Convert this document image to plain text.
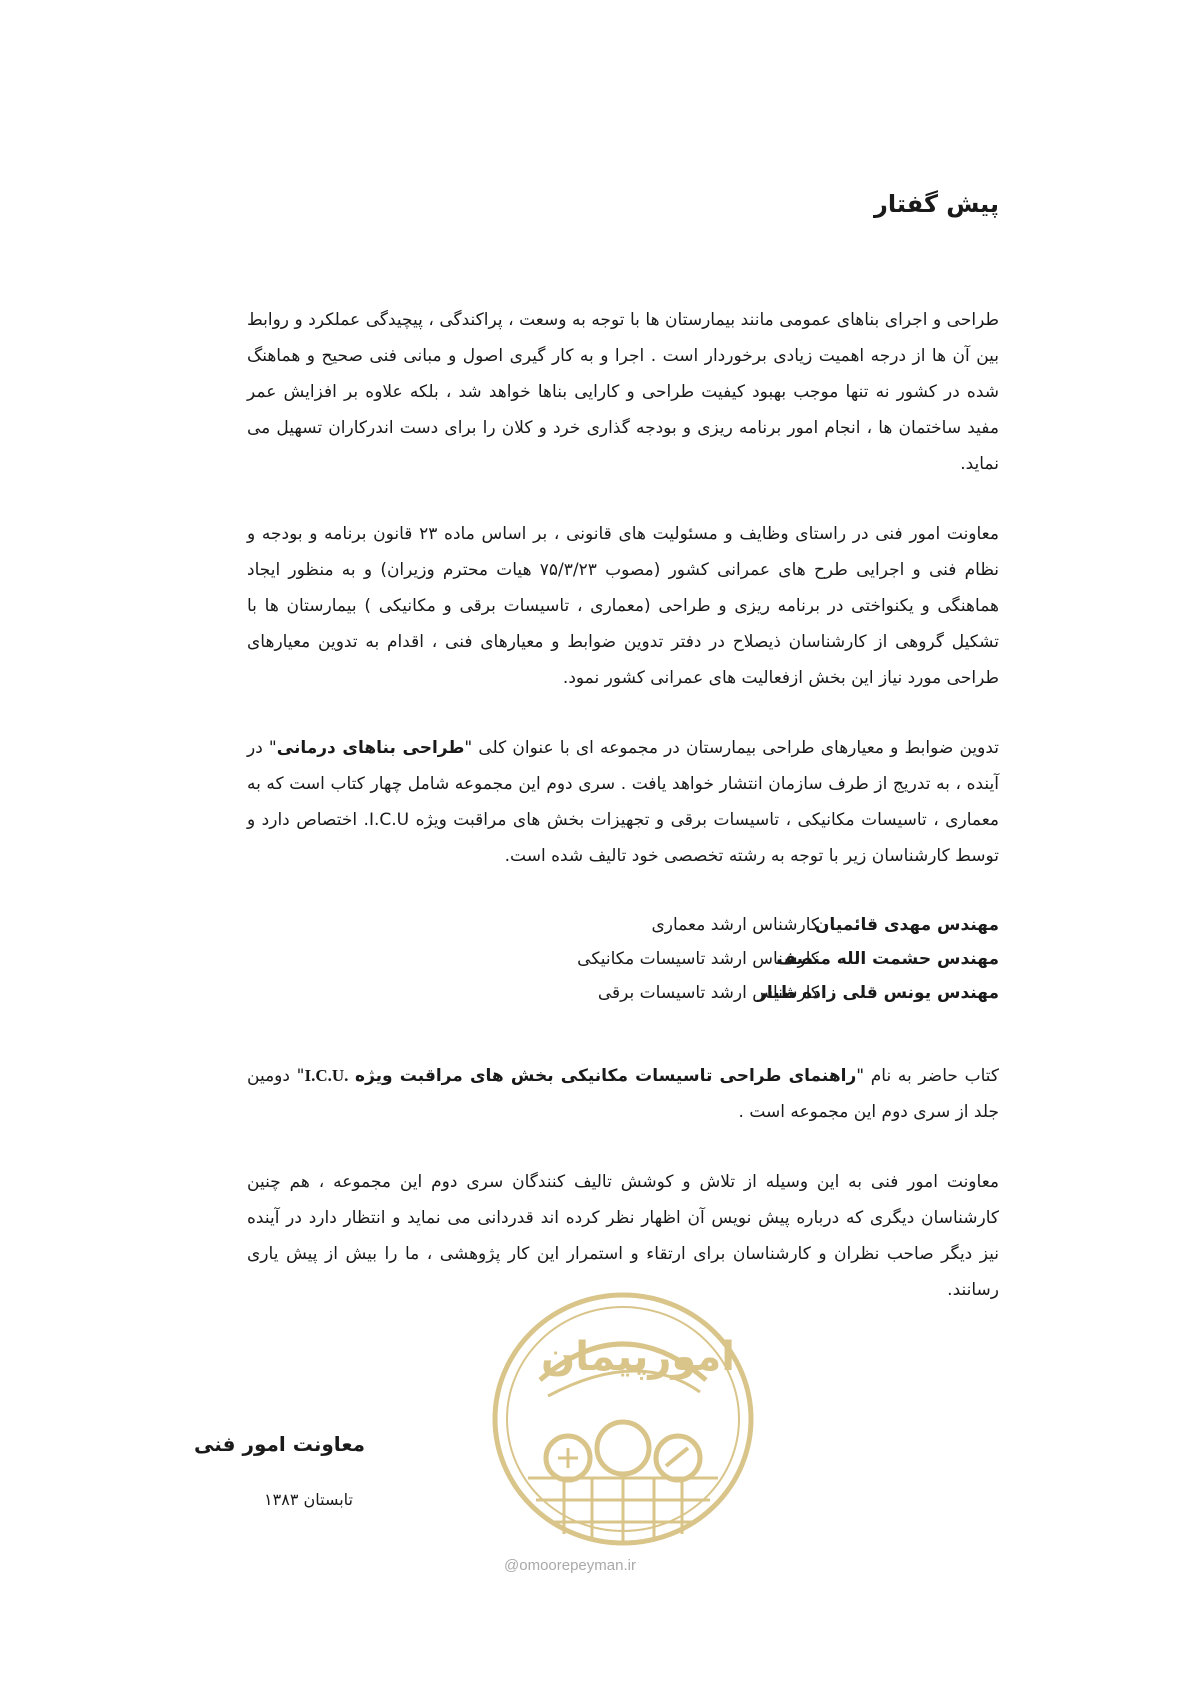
پیش گفتار

طراحی و اجرای بناهای عمومی مانند بیمارستان ها با توجه به وسعت ، پراکندگی ، پیچیدگی عملکرد و روابط بین آن ها از درجه اهمیت زیادی برخوردار است . اجرا و به کار گیری اصول و مبانی فنی صحیح و هماهنگ شده در کشور نه تنها موجب بهبود کیفیت طراحی و کارایی بناها خواهد شد ، بلکه علاوه بر افزایش عمر مفید ساختمان ها ، انجام امور برنامه ریزی و بودجه گذاری خرد و کلان را برای دست اندرکاران تسهیل می نماید.

معاونت امور فنی در راستای وظایف و مسئولیت های قانونی ، بر اساس ماده ۲۳ قانون برنامه و بودجه و نظام فنی و اجرایی طرح های عمرانی کشور (مصوب ۷۵/۳/۲۳ هیات محترم وزیران) و به منظور ایجاد هماهنگی و یکنواختی در برنامه ریزی و طراحی (معماری ، تاسیسات برقی و مکانیکی ) بیمارستان ها با تشکیل گروهی از کارشناسان ذیصلاح در دفتر تدوین ضوابط و معیارهای فنی ، اقدام به تدوین معیارهای طراحی مورد نیاز این بخش ازفعالیت های عمرانی کشور نمود.

تدوین ضوابط و معیارهای طراحی بیمارستان در مجموعه ای با عنوان کلی "طراحی بناهای درمانی" در آینده ، به تدریج از طرف سازمان انتشار خواهد یافت . سری دوم این مجموعه شامل چهار کتاب است که به معماری ، تاسیسات مکانیکی ، تاسیسات برقی و تجهیزات بخش های مراقبت ویژه I.C.U. اختصاص دارد و توسط کارشناسان زیر با توجه به رشته تخصصی خود تالیف شده است.

مهندس مهدی قائمیانکارشناس ارشد معماری
مهندس حشمت الله منصفکارشناس ارشد تاسیسات مکانیکی
مهندس یونس قلی زاده طیارکارشناس ارشد تاسیسات برقی

کتاب حاضر به نام "راهنمای طراحی تاسیسات مکانیکی بخش های مراقبت ویژه I.C.U." دومین جلد از سری دوم این مجموعه است .

معاونت امور فنی به این وسیله از تلاش و کوشش تالیف کنندگان سری دوم این مجموعه ، هم چنین کارشناسان دیگری که درباره پیش نویس آن اظهار نظر کرده اند قدردانی می نماید و انتظار دارد در آینده نیز دیگر صاحب نظران و کارشناسان برای ارتقاء و استمرار این کار پژوهشی ، ما را بیش از پیش یاری رسانند.

معاونت امور فنی

تابستان ۱۳۸۳

امورپیمان

@omoorepeyman.ir
